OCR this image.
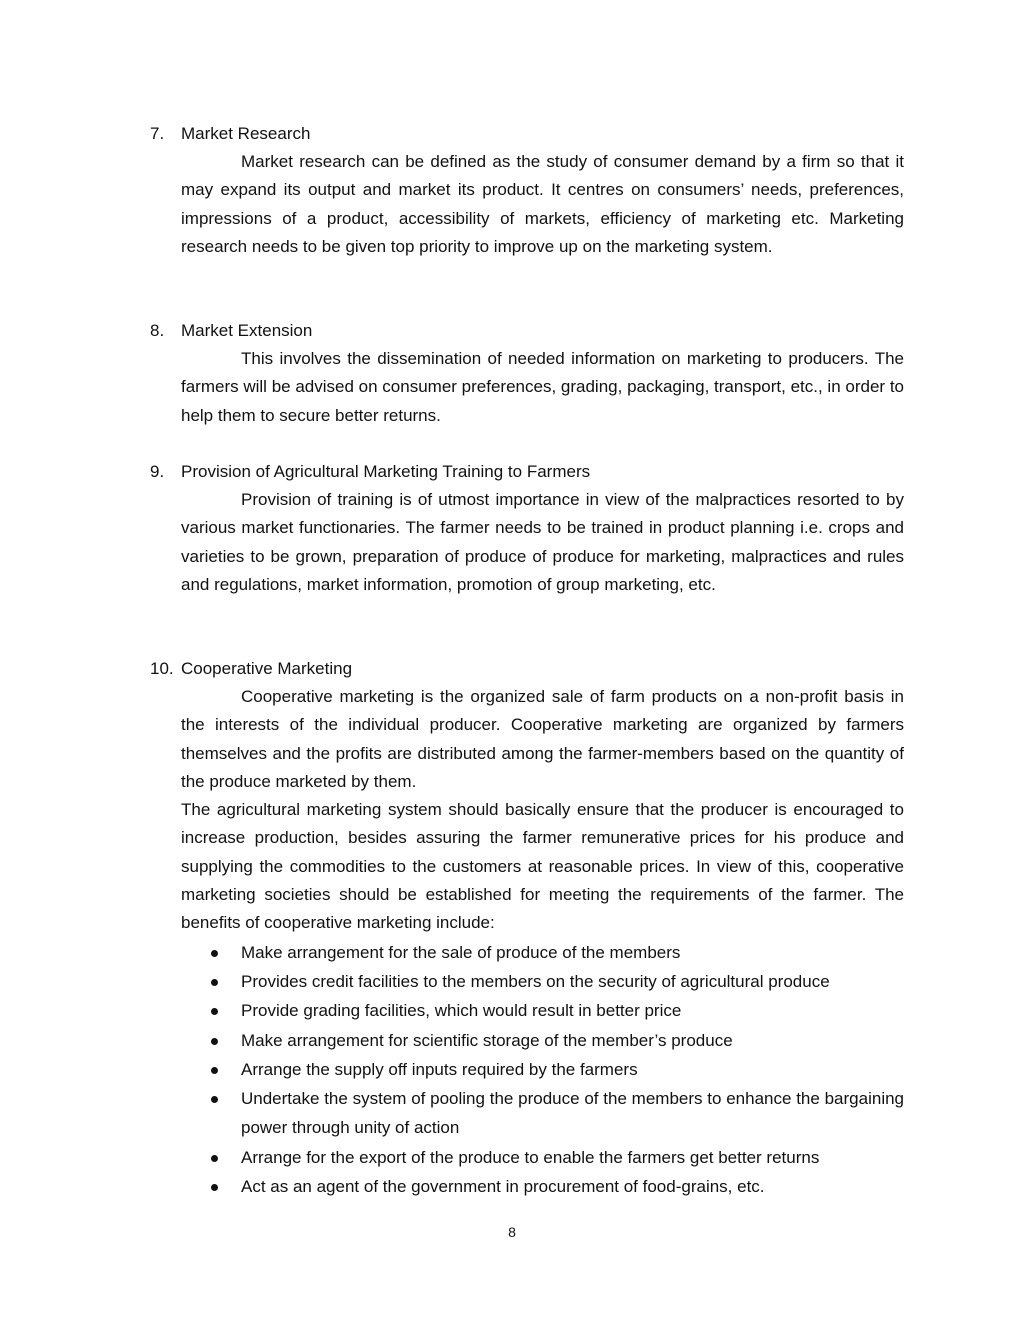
7. Market Research

Market research can be defined as the study of consumer demand by a firm so that it may expand its output and market its product. It centres on consumers’ needs, preferences, impressions of a product, accessibility of markets, efficiency of marketing etc. Marketing research needs to be given top priority to improve up on the marketing system.

8. Market Extension

This involves the dissemination of needed information on marketing to producers. The farmers will be advised on consumer preferences, grading, packaging, transport, etc., in order to help them to secure better returns.

9. Provision of Agricultural Marketing Training to Farmers

Provision of training is of utmost importance in view of the malpractices resorted to by various market functionaries. The farmer needs to be trained in product planning i.e. crops and varieties to be grown, preparation of produce of produce for marketing, malpractices and rules and regulations, market information, promotion of group marketing, etc.

10. Cooperative Marketing

Cooperative marketing is the organized sale of farm products on a non-profit basis in the interests of the individual producer. Cooperative marketing are organized by farmers themselves and the profits are distributed among the farmer-members based on the quantity of the produce marketed by them.

The agricultural marketing system should basically ensure that the producer is encouraged to increase production, besides assuring the farmer remunerative prices for his produce and supplying the commodities to the customers at reasonable prices. In view of this, cooperative marketing societies should be established for meeting the requirements of the farmer. The benefits of cooperative marketing include:

Make arrangement for the sale of produce of the members
Provides credit facilities to the members on the security of agricultural produce
Provide grading facilities, which would result in better price
Make arrangement for scientific storage of the member’s produce
Arrange the supply off inputs required by the farmers
Undertake the system of pooling the produce of the members to enhance the bargaining power through unity of action
Arrange for the export of the produce to enable the farmers get better returns
Act as an agent of the government in procurement of food-grains, etc.
8
